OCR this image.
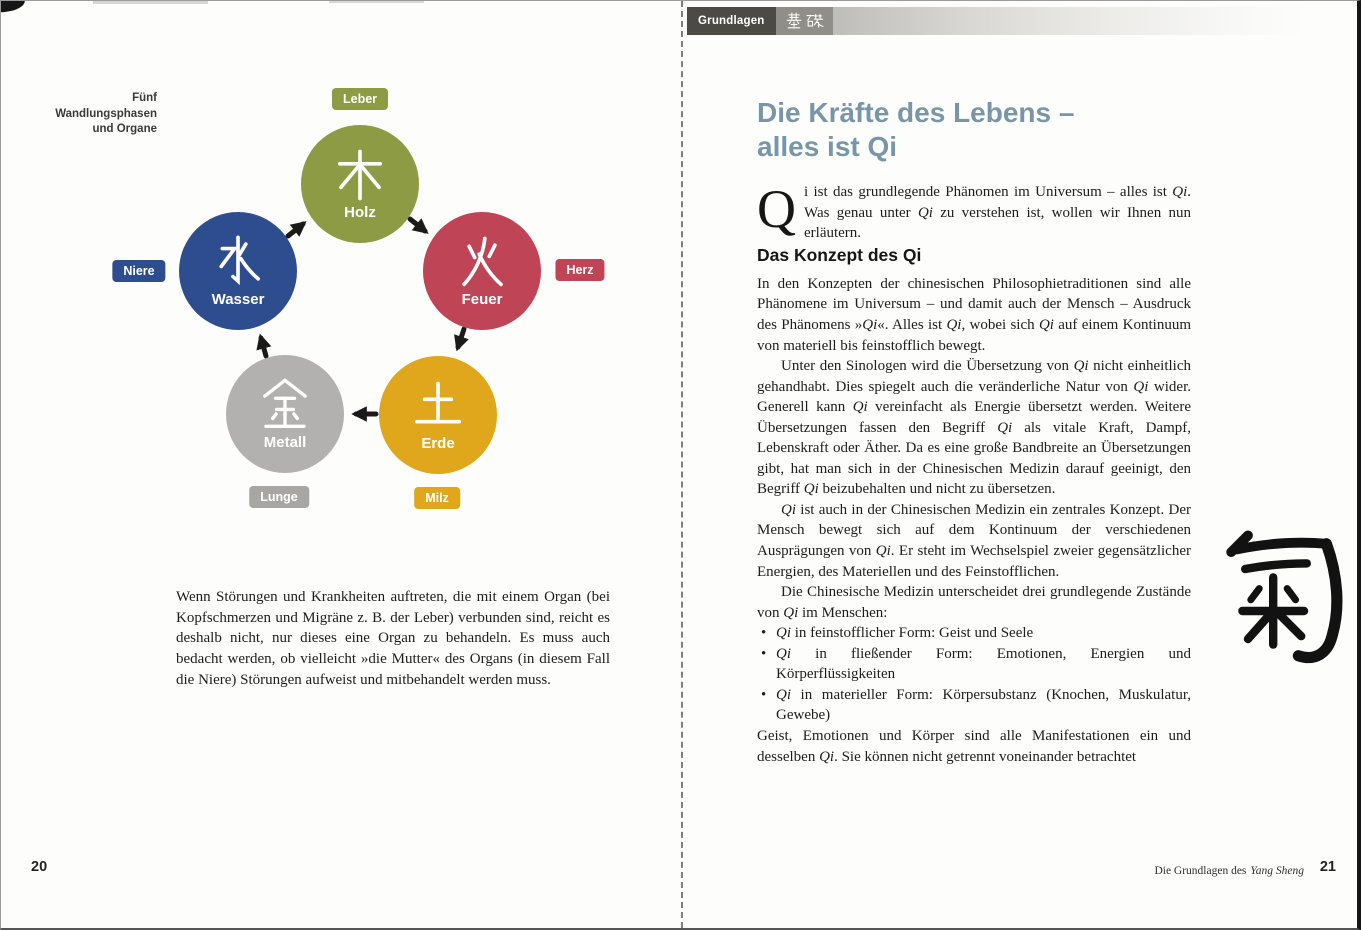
Fünf Wandlungsphasen
und Organe
Holz
Feuer
Erde
Metall
Wasser
Leber
Herz
Milz
Lunge
Niere

Wenn Störungen und Krankheiten auftreten, die mit einem Organ (bei Kopfschmerzen und Migräne z. B. der Leber) verbunden sind, reicht es deshalb nicht, nur dieses eine Organ zu behandeln. Es muss auch bedacht werden, ob vielleicht »die Mutter« des Organs (in diesem Fall die Niere) Störungen aufweist und mitbehandelt werden muss.

20
Grundlagen
Die Kräfte des Lebens –
alles ist Qi

Q i ist das grundlegende Phänomen im Universum – alles ist Qi. Was genau unter Qi zu verstehen ist, wollen wir Ihnen nun erläutern.

Das Konzept des Qi

In den Konzepten der chinesischen Philosophietraditionen sind alle Phänomene im Universum – und damit auch der Mensch – Ausdruck des Phänomens »Qi«. Alles ist Qi, wobei sich Qi auf einem Kontinuum von materiell bis feinstofflich bewegt.

Unter den Sinologen wird die Übersetzung von Qi nicht einheitlich gehandhabt. Dies spiegelt auch die veränderliche Natur von Qi wider. Generell kann Qi vereinfacht als Energie übersetzt werden. Weitere Übersetzungen fassen den Begriff Qi als vitale Kraft, Dampf, Lebenskraft oder Äther. Da es eine große Bandbreite an Übersetzungen gibt, hat man sich in der Chinesischen Medizin darauf geeinigt, den Begriff Qi beizubehalten und nicht zu übersetzen.

Qi ist auch in der Chinesischen Medizin ein zentrales Konzept. Der Mensch bewegt sich auf dem Kontinuum der verschiedenen Ausprägungen von Qi. Er steht im Wechselspiel zweier gegensätzlicher Energien, des Materiellen und des Feinstofflichen.

Die Chinesische Medizin unterscheidet drei grundlegende Zustände von Qi im Menschen:

• Qi in feinstofflicher Form: Geist und Seele
• Qi in fließender Form: Emotionen, Energien und Körperflüssigkeiten
• Qi in materieller Form: Körpersubstanz (Knochen, Muskulatur, Gewebe)

Geist, Emotionen und Körper sind alle Manifestationen ein und desselben Qi. Sie können nicht getrennt voneinander betrachtet

Die Grundlagen des Yang Sheng 21
